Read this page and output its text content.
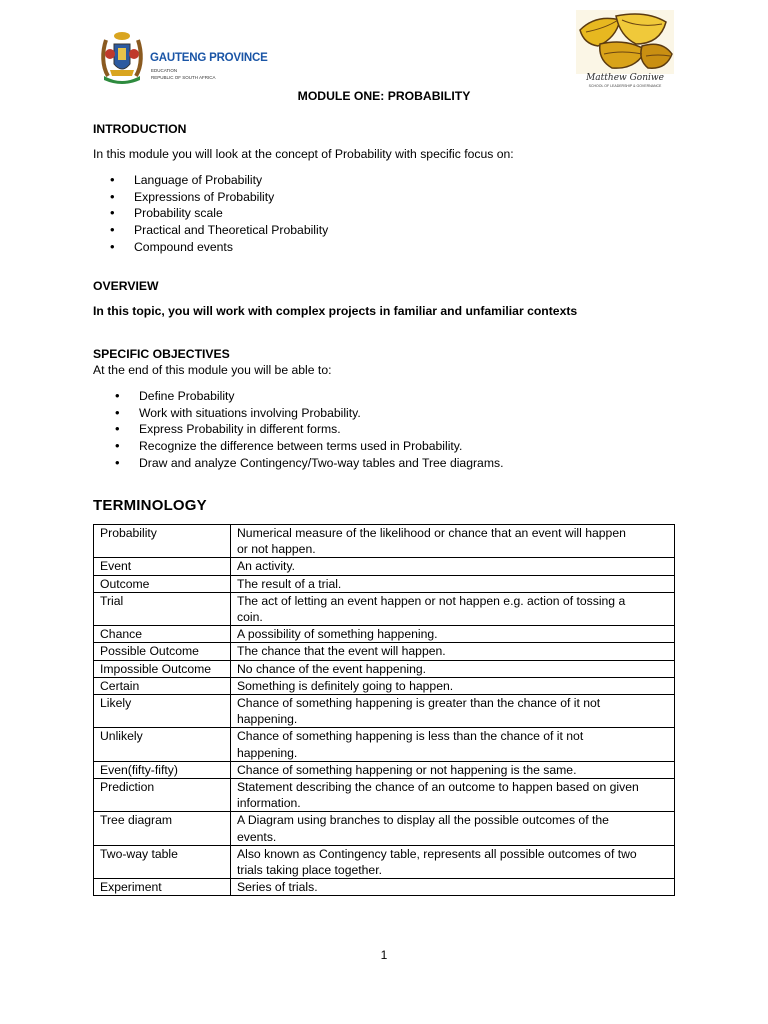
GAUTENG PROVINCE
EDUCATION
REPUBLIC OF SOUTH AFRICA	Matthew Goniwe
SCHOOL OF LEADERSHIP & GOVERNANCE
MODULE ONE: PROBABILITY
INTRODUCTION
In this module you will look at the concept of Probability with specific focus on:
• Language of Probability
• Expressions of Probability
• Probability scale
• Practical and Theoretical Probability
• Compound events
OVERVIEW
In this topic, you will work with complex projects in familiar and unfamiliar contexts
SPECIFIC OBJECTIVES
At the end of this module you will be able to:
• Define Probability
• Work with situations involving Probability.
• Express Probability in different forms.
• Recognize the difference between terms used in Probability.
• Draw and analyze Contingency/Two-way tables and Tree diagrams.
TERMINOLOGY
Probability	Numerical measure of the likelihood or chance that an event will happen
or not happen.

Event	An activity.

Outcome	The result of a trial.

Trial	The act of letting an event happen or not happen e.g. action of tossing a
coin.

Chance	A possibility of something happening.

Possible Outcome	The chance that the event will happen.

Impossible Outcome	No chance of the event happening.

Certain	Something is definitely going to happen.

Likely	Chance of something happening is greater than the chance of it not
happening.

Unlikely	Chance of something happening is less than the chance of it not
happening.

Even(fifty-fifty)	Chance of something happening or not happening is the same.

Prediction	Statement describing the chance of an outcome to happen based on given
information.

Tree diagram	A Diagram using branches to display all the possible outcomes of the
events.

Two-way table	Also known as Contingency table, represents all possible outcomes of two
trials taking place together.

Experiment	Series of trials.
1
